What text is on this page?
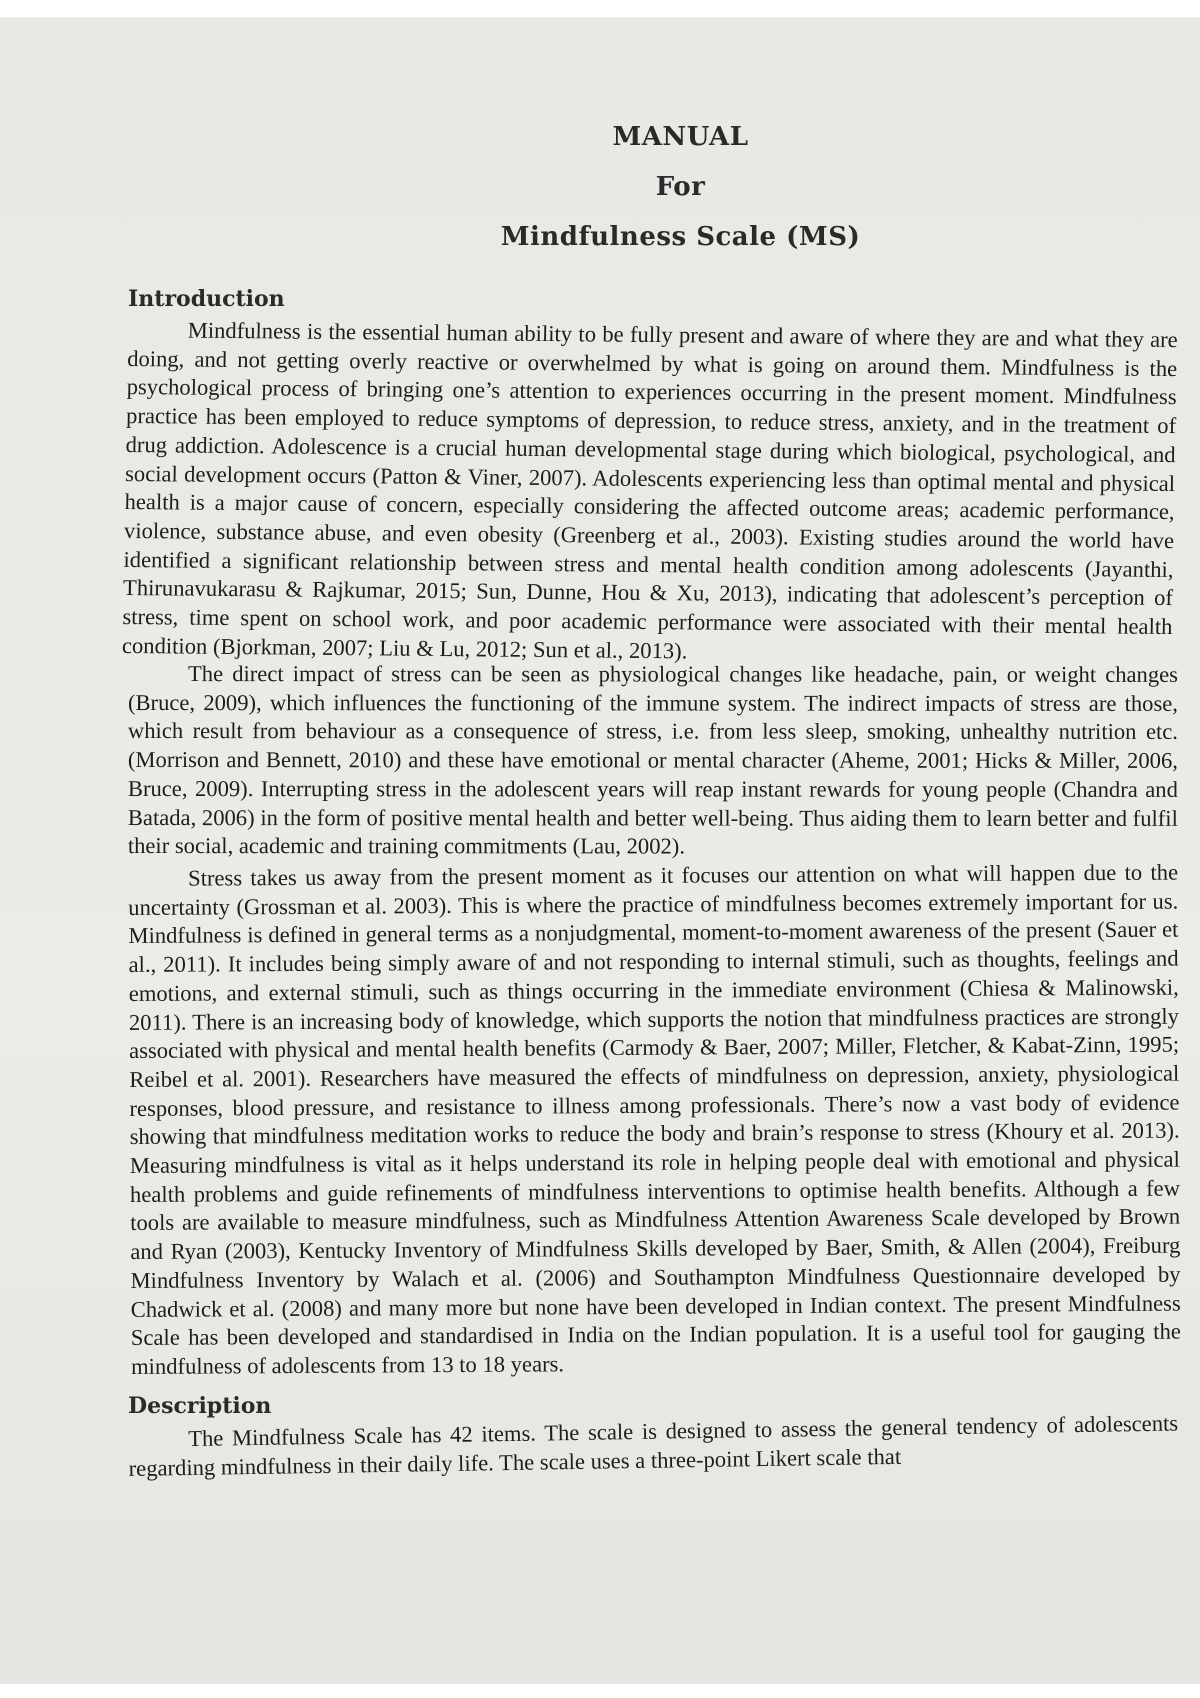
MANUAL
For
Mindfulness Scale (MS)
Introduction

Mindfulness is the essential human ability to be fully present and aware of where they are and what they are doing, and not getting overly reactive or overwhelmed by what is going on around them. Mindfulness is the psychological process of bringing one’s attention to experiences occurring in the present moment. Mindfulness practice has been employed to reduce symptoms of depression, to reduce stress, anxiety, and in the treatment of drug addiction. Adolescence is a crucial human developmental stage during which biological, psychological, and social development occurs (Patton & Viner, 2007). Adolescents experiencing less than optimal mental and physical health is a major cause of concern, especially considering the affected outcome areas; academic performance, violence, substance abuse, and even obesity (Greenberg et al., 2003). Existing studies around the world have identified a significant relationship between stress and mental health condition among adolescents (Jayanthi, Thirunavukarasu & Rajkumar, 2015; Sun, Dunne, Hou & Xu, 2013), indicating that adolescent’s perception of stress, time spent on school work, and poor academic performance were associated with their mental health condition (Bjorkman, 2007; Liu & Lu, 2012; Sun et al., 2013).

The direct impact of stress can be seen as physiological changes like headache, pain, or weight changes (Bruce, 2009), which influences the functioning of the immune system. The indirect impacts of stress are those, which result from behaviour as a consequence of stress, i.e. from less sleep, smoking, unhealthy nutrition etc. (Morrison and Bennett, 2010) and these have emotional or mental character (Aheme, 2001; Hicks & Miller, 2006, Bruce, 2009). Interrupting stress in the adolescent years will reap instant rewards for young people (Chandra and Batada, 2006) in the form of positive mental health and better well-being. Thus aiding them to learn better and fulfil their social, academic and training commitments (Lau, 2002).

Stress takes us away from the present moment as it focuses our attention on what will happen due to the uncertainty (Grossman et al. 2003). This is where the practice of mindfulness becomes extremely important for us. Mindfulness is defined in general terms as a nonjudgmental, moment-to-moment awareness of the present (Sauer et al., 2011). It includes being simply aware of and not responding to internal stimuli, such as thoughts, feelings and emotions, and external stimuli, such as things occurring in the immediate environment (Chiesa & Malinowski, 2011). There is an increasing body of knowledge, which supports the notion that mindfulness practices are strongly associated with physical and mental health benefits (Carmody & Baer, 2007; Miller, Fletcher, & Kabat-Zinn, 1995; Reibel et al. 2001). Researchers have measured the effects of mindfulness on depression, anxiety, physiological responses, blood pressure, and resistance to illness among professionals. There’s now a vast body of evidence showing that mindfulness meditation works to reduce the body and brain’s response to stress (Khoury et al. 2013). Measuring mindfulness is vital as it helps understand its role in helping people deal with emotional and physical health problems and guide refinements of mindfulness interventions to optimise health benefits. Although a few tools are available to measure mindfulness, such as Mindfulness Attention Awareness Scale developed by Brown and Ryan (2003), Kentucky Inventory of Mindfulness Skills developed by Baer, Smith, & Allen (2004), Freiburg Mindfulness Inventory by Walach et al. (2006) and Southampton Mindfulness Questionnaire developed by Chadwick et al. (2008) and many more but none have been developed in Indian context. The present Mindfulness Scale has been developed and standardised in India on the Indian population. It is a useful tool for gauging the mindfulness of adolescents from 13 to 18 years.

Description

The Mindfulness Scale has 42 items. The scale is designed to assess the general tendency of adolescents regarding mindfulness in their daily life. The scale uses a three-point Likert scale that
